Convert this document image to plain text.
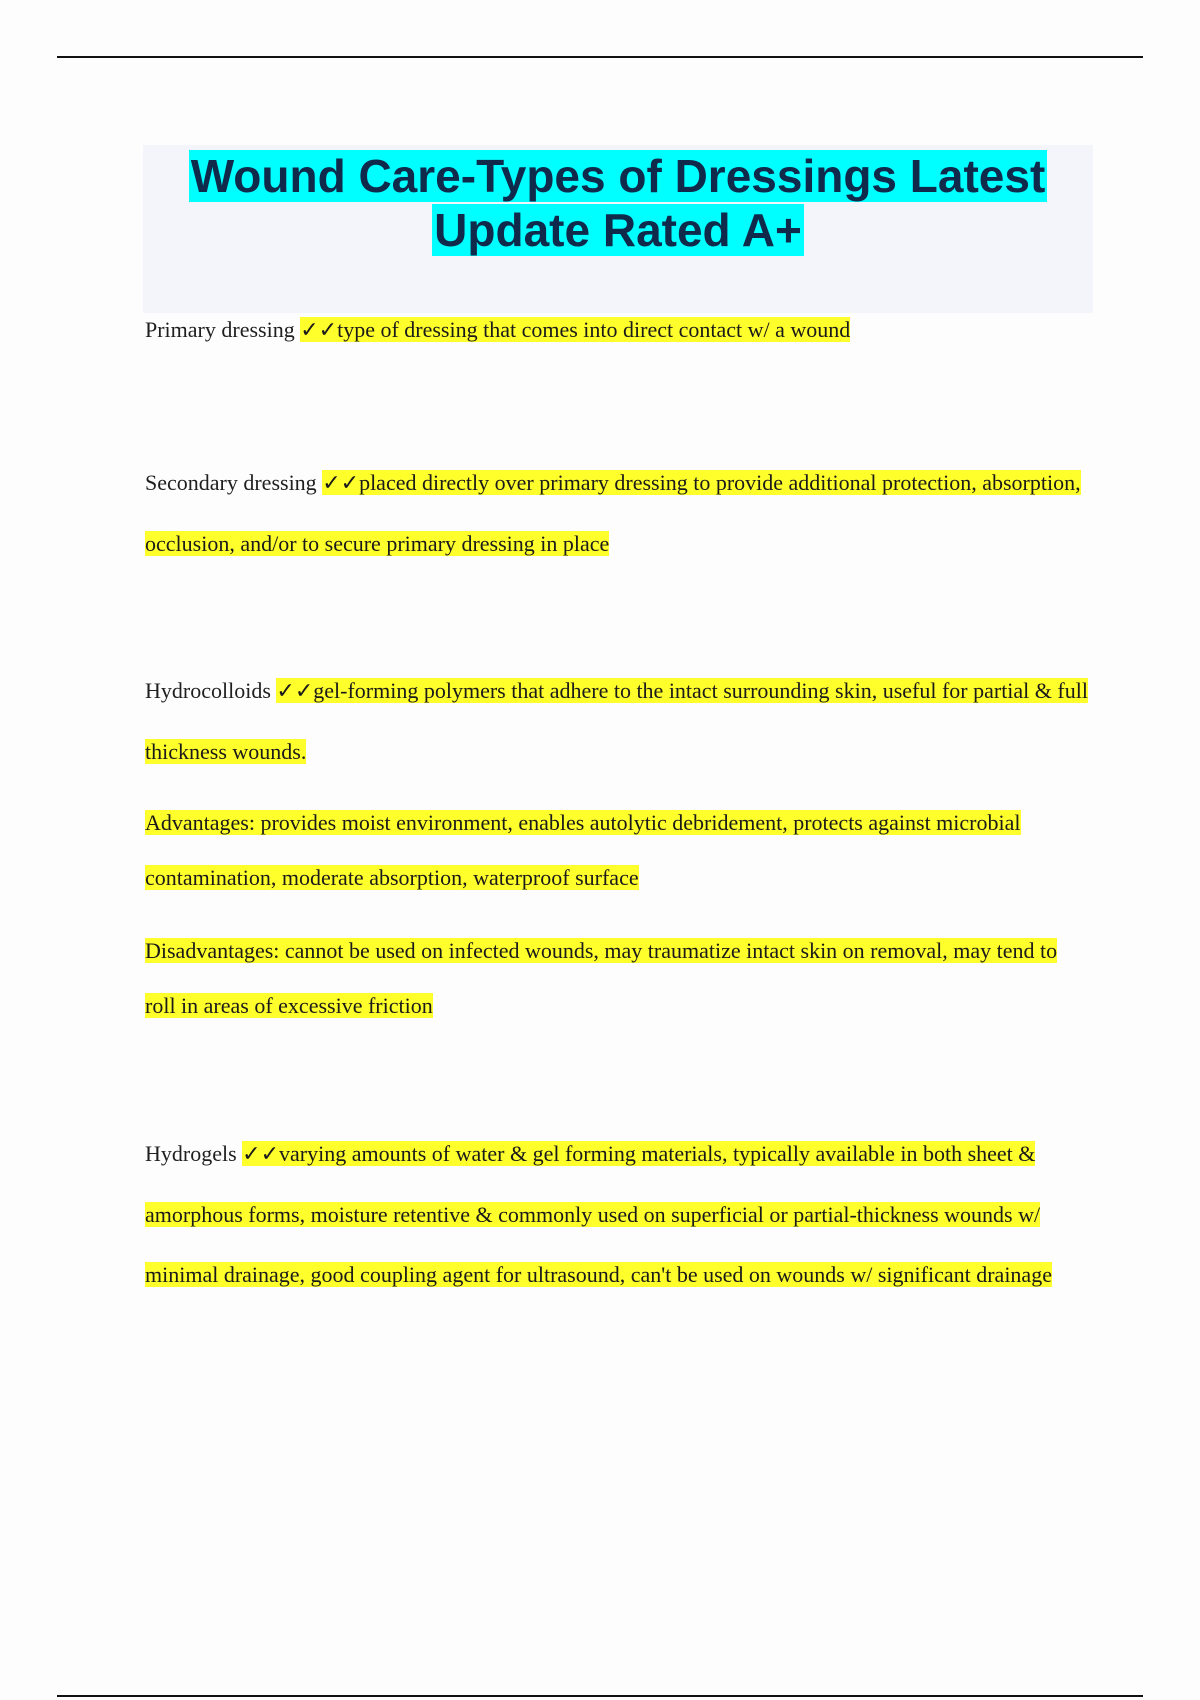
Wound Care-Types of Dressings Latest
Update Rated A+
Primary dressing ✓✓type of dressing that comes into direct contact w/ a wound
Secondary dressing ✓✓placed directly over primary dressing to provide additional protection, absorption, occlusion, and/or to secure primary dressing in place
Hydrocolloids ✓✓gel-forming polymers that adhere to the intact surrounding skin, useful for partial & full thickness wounds.
Advantages: provides moist environment, enables autolytic debridement, protects against microbial contamination, moderate absorption, waterproof surface
Disadvantages: cannot be used on infected wounds, may traumatize intact skin on removal, may tend to roll in areas of excessive friction
Hydrogels ✓✓varying amounts of water & gel forming materials, typically available in both sheet & amorphous forms, moisture retentive & commonly used on superficial or partial-thickness wounds w/ minimal drainage, good coupling agent for ultrasound, can't be used on wounds w/ significant drainage
